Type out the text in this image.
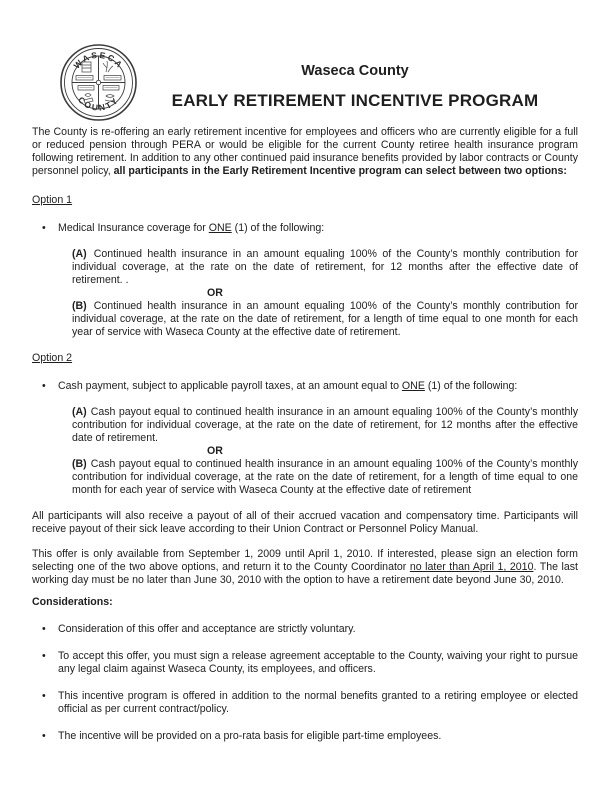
WASECA
COUNTY

Waseca County

EARLY RETIREMENT INCENTIVE PROGRAM

The County is re-offering an early retirement incentive for employees and officers who are currently eligible for a full or reduced pension through PERA or would be eligible for the current County retiree health insurance program following retirement. In addition to any other continued paid insurance benefits provided by labor contracts or County personnel policy, all participants in the Early Retirement Incentive program can select between two options:

Option 1
•
Medical Insurance coverage for ONE (1) of the following:

(A) Continued health insurance in an amount equaling 100% of the County’s monthly contribution for individual coverage, at the rate on the date of retirement, for 12 months after the effective date of retirement. .

OR

(B) Continued health insurance in an amount equaling 100% of the County’s monthly contribution for individual coverage, at the rate on the date of retirement, for a length of time equal to one month for each year of service with Waseca County at the effective date of retirement.

Option 2
•
Cash payment, subject to applicable payroll taxes, at an amount equal to ONE (1) of the following:

(A) Cash payout equal to continued health insurance in an amount equaling 100% of the County’s monthly contribution for individual coverage, at the rate on the date of retirement, for 12 months after the effective date of retirement.

OR

(B) Cash payout equal to continued health insurance in an amount equaling 100% of the County’s monthly contribution for individual coverage, at the rate on the date of retirement, for a length of time equal to one month for each year of service with Waseca County at the effective date of retirement

All participants will also receive a payout of all of their accrued vacation and compensatory time. Participants will receive payout of their sick leave according to their Union Contract or Personnel Policy Manual.

This offer is only available from September 1, 2009 until April 1, 2010. If interested, please sign an election form selecting one of the two above options, and return it to the County Coordinator no later than April 1, 2010. The last working day must be no later than June 30, 2010 with the option to have a retirement date beyond June 30, 2010.

Considerations:

•
Consideration of this offer and acceptance are strictly voluntary.
•
To accept this offer, you must sign a release agreement acceptable to the County, waiving your right to pursue any legal claim against Waseca County, its employees, and officers.
•
This incentive program is offered in addition to the normal benefits granted to a retiring employee or elected official as per current contract/policy.
•
The incentive will be provided on a pro-rata basis for eligible part-time employees.
